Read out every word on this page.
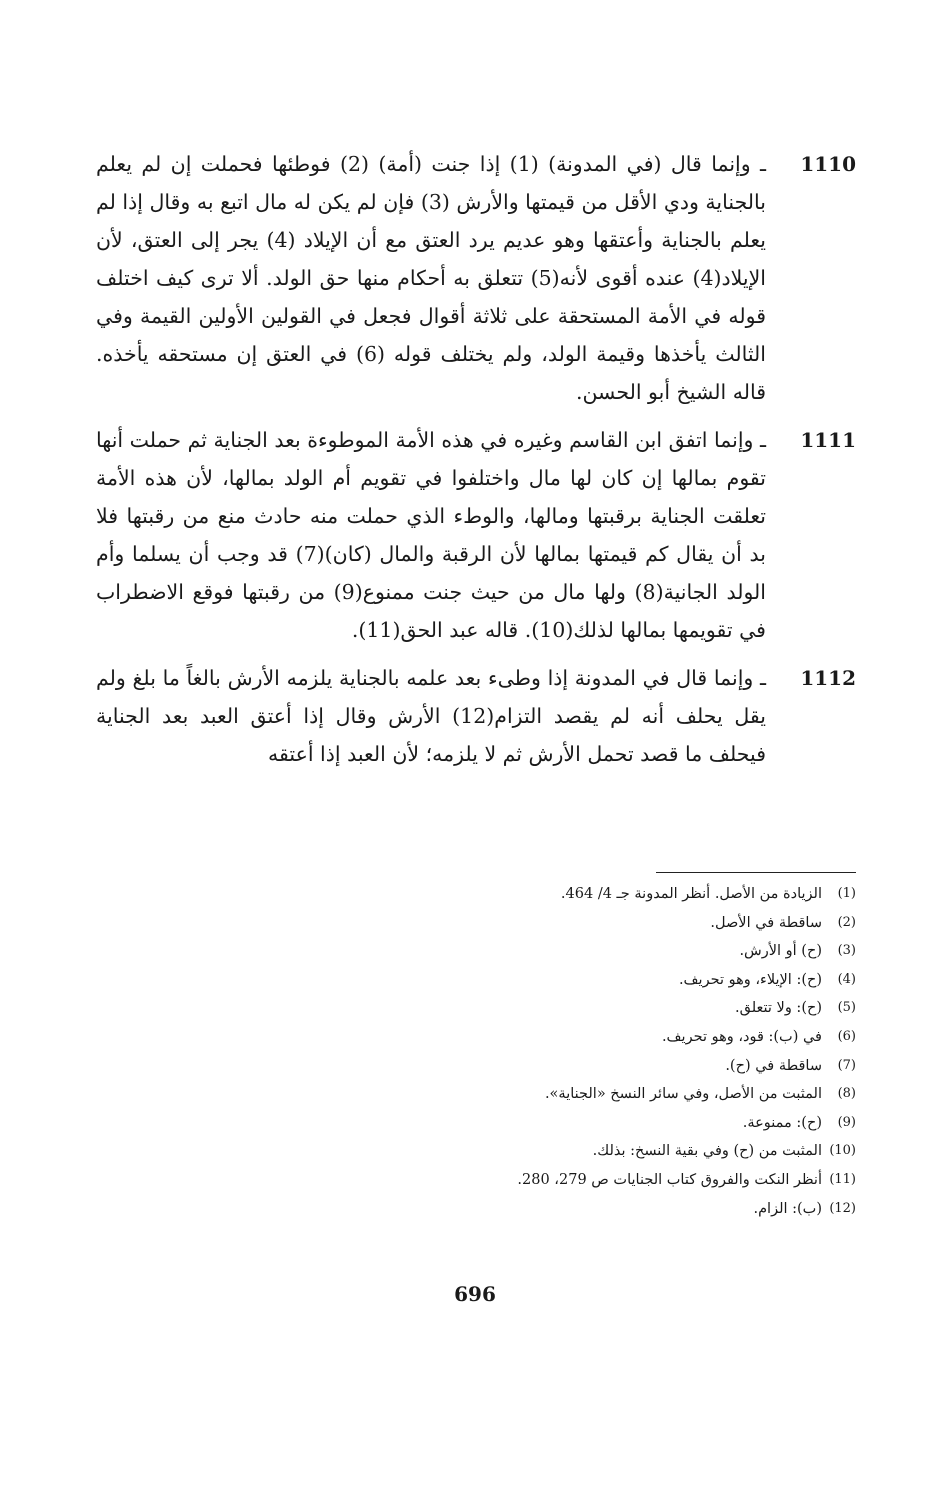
1110
ـ وإنما قال (في المدونة) (1) إذا جنت (أمة) (2) فوطئها فحملت إن لم يعلم بالجناية ودي الأقل من قيمتها والأرش (3) فإن لم يكن له مال اتبع به وقال إذا لم يعلم بالجناية وأعتقها وهو عديم يرد العتق مع أن الإيلاد (4) يجر إلى العتق، لأن الإيلاد(4) عنده أقوى لأنه(5) تتعلق به أحكام منها حق الولد. ألا ترى كيف اختلف قوله في الأمة المستحقة على ثلاثة أقوال فجعل في القولين الأولين القيمة وفي الثالث يأخذها وقيمة الولد، ولم يختلف قوله (6) في العتق إن مستحقه يأخذه. قاله الشيخ أبو الحسن.
1111
ـ وإنما اتفق ابن القاسم وغيره في هذه الأمة الموطوءة بعد الجناية ثم حملت أنها تقوم بمالها إن كان لها مال واختلفوا في تقويم أم الولد بمالها، لأن هذه الأمة تعلقت الجناية برقبتها ومالها، والوطء الذي حملت منه حادث منع من رقبتها فلا بد أن يقال كم قيمتها بمالها لأن الرقبة والمال (كان)(7) قد وجب أن يسلما وأم الولد الجانية(8) ولها مال من حيث جنت ممنوع(9) من رقبتها فوقع الاضطراب في تقويمها بمالها لذلك(10). قاله عبد الحق(11).
1112
ـ وإنما قال في المدونة إذا وطىء بعد علمه بالجناية يلزمه الأرش بالغاً ما بلغ ولم يقل يحلف أنه لم يقصد التزام(12) الأرش وقال إذا أعتق العبد بعد الجناية فيحلف ما قصد تحمل الأرش ثم لا يلزمه؛ لأن العبد إذا أعتقه
(1)
الزيادة من الأصل. أنظر المدونة جـ 4/ 464.
(2)
ساقطة في الأصل.
(3)
(ح) أو الأرش.
(4)
(ح): الإيلاء، وهو تحريف.
(5)
(ح): ولا تتعلق.
(6)
في (ب): قود، وهو تحريف.
(7)
ساقطة في (ح).
(8)
المثبت من الأصل، وفي سائر النسخ «الجناية».
(9)
(ح): ممنوعة.
(10)
المثبت من (ح) وفي بقية النسخ: بذلك.
(11)
أنظر النكت والفروق كتاب الجنايات ص 279، 280.
(12)
(ب): الزام.
696
